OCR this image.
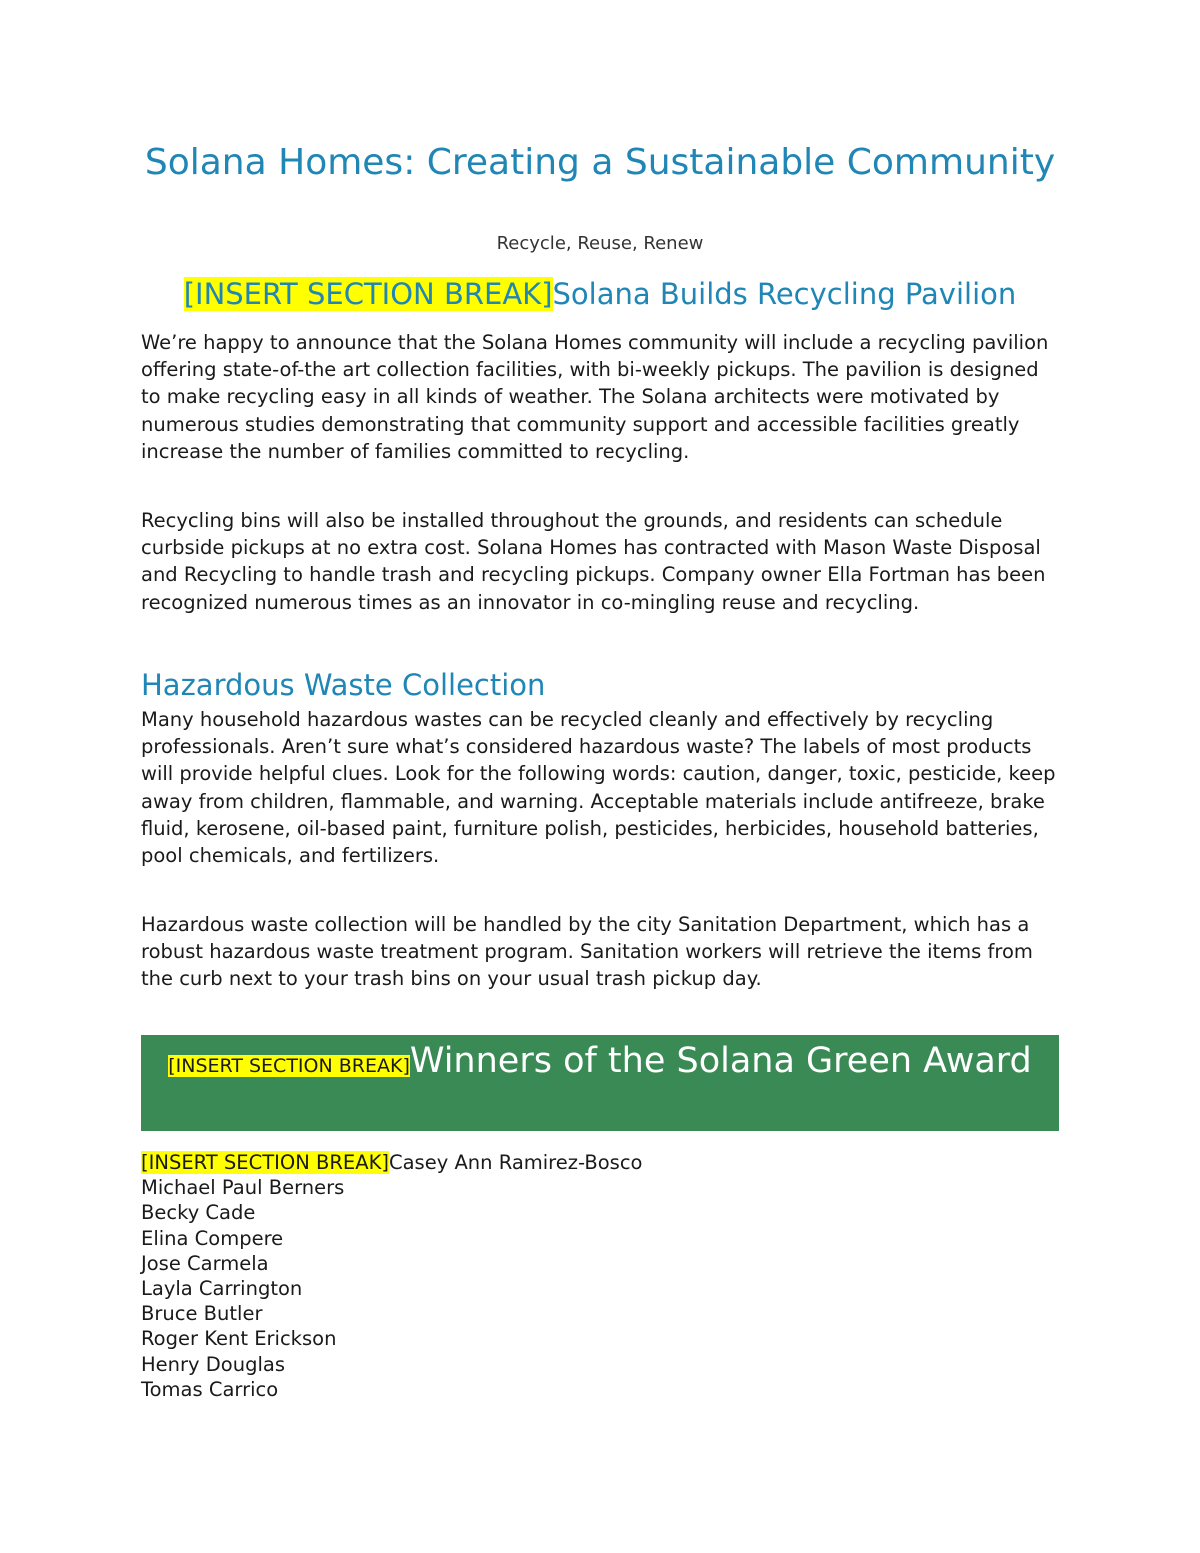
Solana Homes: Creating a Sustainable Community

Recycle, Reuse, Renew

[INSERT SECTION BREAK]Solana Builds Recycling Pavilion

We’re happy to announce that the Solana Homes community will include a recycling pavilion offering state-of-the art collection facilities, with bi-weekly pickups. The pavilion is designed to make recycling easy in all kinds of weather. The Solana architects were motivated by numerous studies demonstrating that community support and accessible facilities greatly increase the number of families committed to recycling.

Recycling bins will also be installed throughout the grounds, and residents can schedule curbside pickups at no extra cost. Solana Homes has contracted with Mason Waste Disposal and Recycling to handle trash and recycling pickups. Company owner Ella Fortman has been recognized numerous times as an innovator in co-mingling reuse and recycling.

Hazardous Waste Collection

Many household hazardous wastes can be recycled cleanly and effectively by recycling professionals. Aren’t sure what’s considered hazardous waste? The labels of most products will provide helpful clues. Look for the following words: caution, danger, toxic, pesticide, keep away from children, flammable, and warning. Acceptable materials include antifreeze, brake fluid, kerosene, oil-based paint, furniture polish, pesticides, herbicides, household batteries, pool chemicals, and fertilizers.

Hazardous waste collection will be handled by the city Sanitation Department, which has a robust hazardous waste treatment program. Sanitation workers will retrieve the items from the curb next to your trash bins on your usual trash pickup day.

[INSERT SECTION BREAK]Winners of the Solana Green Award
[INSERT SECTION BREAK]Casey Ann Ramirez-Bosco
Michael Paul Berners
Becky Cade
Elina Compere
Jose Carmela
Layla Carrington
Bruce Butler
Roger Kent Erickson
Henry Douglas
Tomas Carrico
